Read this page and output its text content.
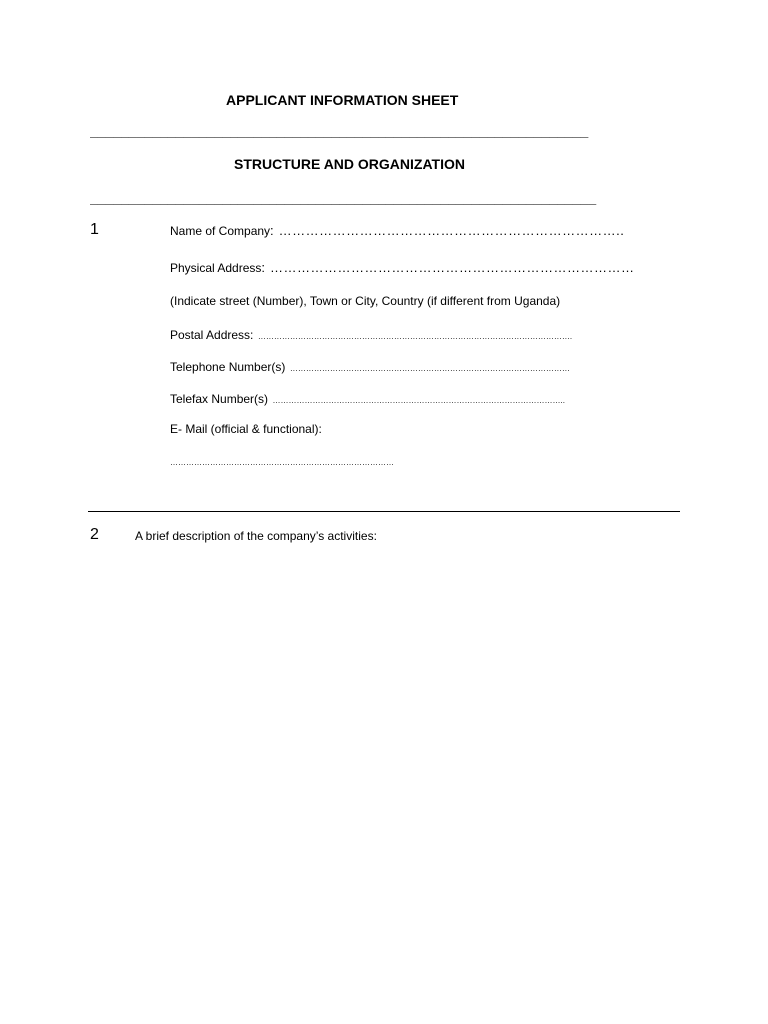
APPLICANT INFORMATION SHEET
________________________________________________________________
STRUCTURE AND ORGANIZATION
_________________________________________________________________
1	Name of Company: …………………………………………………………………..
Physical Address: ………………………………………………………………………
(Indicate street (Number), Town or City, Country (if different from Uganda)
Postal Address: ……………………………………………………………………………………………………….
Telephone Number(s) ……………………………………………………………………………………………
Telefax Number(s) ………………………………………………………………………………………………..
E- Mail (official & functional):
…………………………………………………………………………
2	A brief description of the company’s activities:
